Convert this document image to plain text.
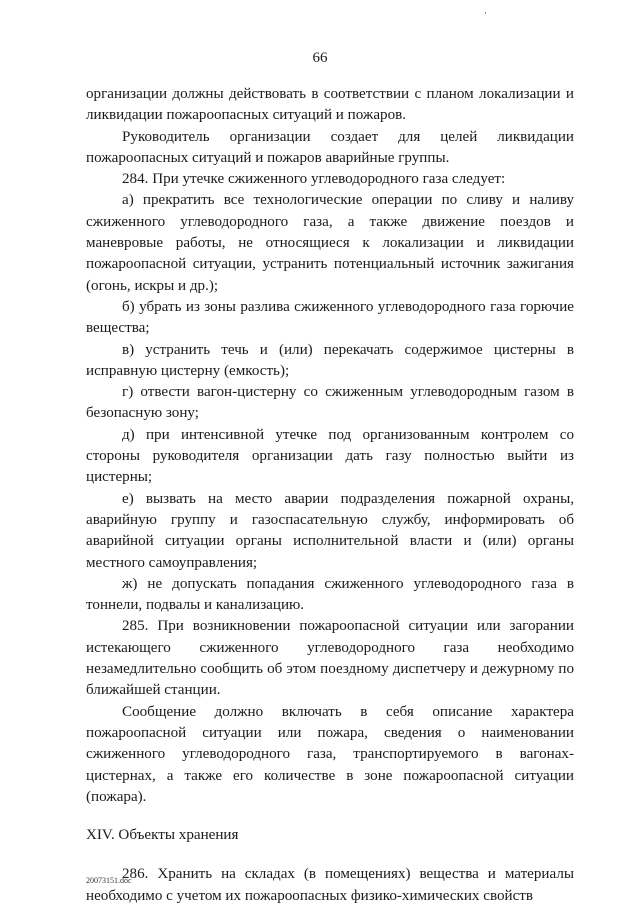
66

организации должны действовать в соответствии с планом локализации и ликвидации пожароопасных ситуаций и пожаров.

Руководитель организации создает для целей ликвидации пожароопасных ситуаций и пожаров аварийные группы.

284. При утечке сжиженного углеводородного газа следует:

а) прекратить все технологические операции по сливу и наливу сжиженного углеводородного газа, а также движение поездов и маневровые работы, не относящиеся к локализации и ликвидации пожароопасной ситуации, устранить потенциальный источник зажигания (огонь, искры и др.);

б) убрать из зоны разлива сжиженного углеводородного газа горючие вещества;

в) устранить течь и (или) перекачать содержимое цистерны в исправную цистерну (емкость);

г) отвести вагон-цистерну со сжиженным углеводородным газом в безопасную зону;

д) при интенсивной утечке под организованным контролем со стороны руководителя организации дать газу полностью выйти из цистерны;

е) вызвать на место аварии подразделения пожарной охраны, аварийную группу и газоспасательную службу, информировать об аварийной ситуации органы исполнительной власти и (или) органы местного самоуправления;

ж) не допускать попадания сжиженного углеводородного газа в тоннели, подвалы и канализацию.

285. При возникновении пожароопасной ситуации или загорании истекающего сжиженного углеводородного газа необходимо незамедлительно сообщить об этом поездному диспетчеру и дежурному по ближайшей станции.

Сообщение должно включать в себя описание характера пожароопасной ситуации или пожара, сведения о наименовании сжиженного углеводородного газа, транспортируемого в вагонах-цистернах, а также его количестве в зоне пожароопасной ситуации (пожара).

XIV. Объекты хранения

286. Хранить на складах (в помещениях) вещества и материалы необходимо с учетом их пожароопасных физико-химических свойств

20073151.doc
